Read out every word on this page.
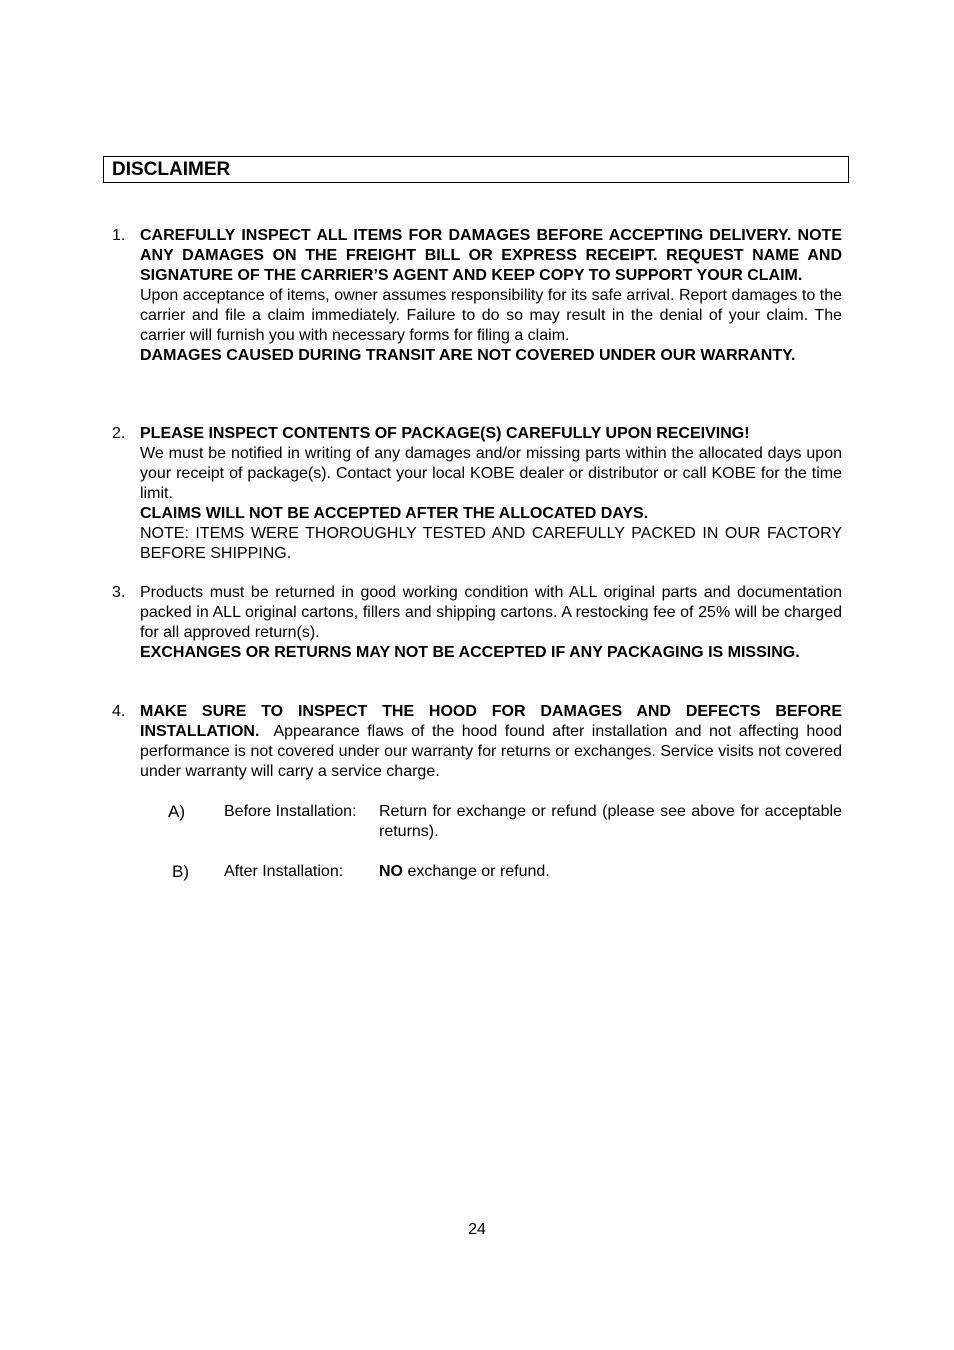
DISCLAIMER
1. CAREFULLY INSPECT ALL ITEMS FOR DAMAGES BEFORE ACCEPTING DELIVERY. NOTE ANY DAMAGES ON THE FREIGHT BILL OR EXPRESS RECEIPT. REQUEST NAME AND SIGNATURE OF THE CARRIER’S AGENT AND KEEP COPY TO SUPPORT YOUR CLAIM.
Upon acceptance of items, owner assumes responsibility for its safe arrival. Report damages to the carrier and file a claim immediately. Failure to do so may result in the denial of your claim. The carrier will furnish you with necessary forms for filing a claim.
DAMAGES CAUSED DURING TRANSIT ARE NOT COVERED UNDER OUR WARRANTY.
2. PLEASE INSPECT CONTENTS OF PACKAGE(S) CAREFULLY UPON RECEIVING!
We must be notified in writing of any damages and/or missing parts within the allocated days upon your receipt of package(s). Contact your local KOBE dealer or distributor or call KOBE for the time limit.
CLAIMS WILL NOT BE ACCEPTED AFTER THE ALLOCATED DAYS.
NOTE: ITEMS WERE THOROUGHLY TESTED AND CAREFULLY PACKED IN OUR FACTORY BEFORE SHIPPING.
3. Products must be returned in good working condition with ALL original parts and documentation packed in ALL original cartons, fillers and shipping cartons. A restocking fee of 25% will be charged for all approved return(s).
EXCHANGES OR RETURNS MAY NOT BE ACCEPTED IF ANY PACKAGING IS MISSING.
4. MAKE SURE TO INSPECT THE HOOD FOR DAMAGES AND DEFECTS BEFORE INSTALLATION. Appearance flaws of the hood found after installation and not affecting hood performance is not covered under our warranty for returns or exchanges. Service visits not covered under warranty will carry a service charge.
A) Before Installation: Return for exchange or refund (please see above for acceptable returns).
B) After Installation: NO exchange or refund.
24
